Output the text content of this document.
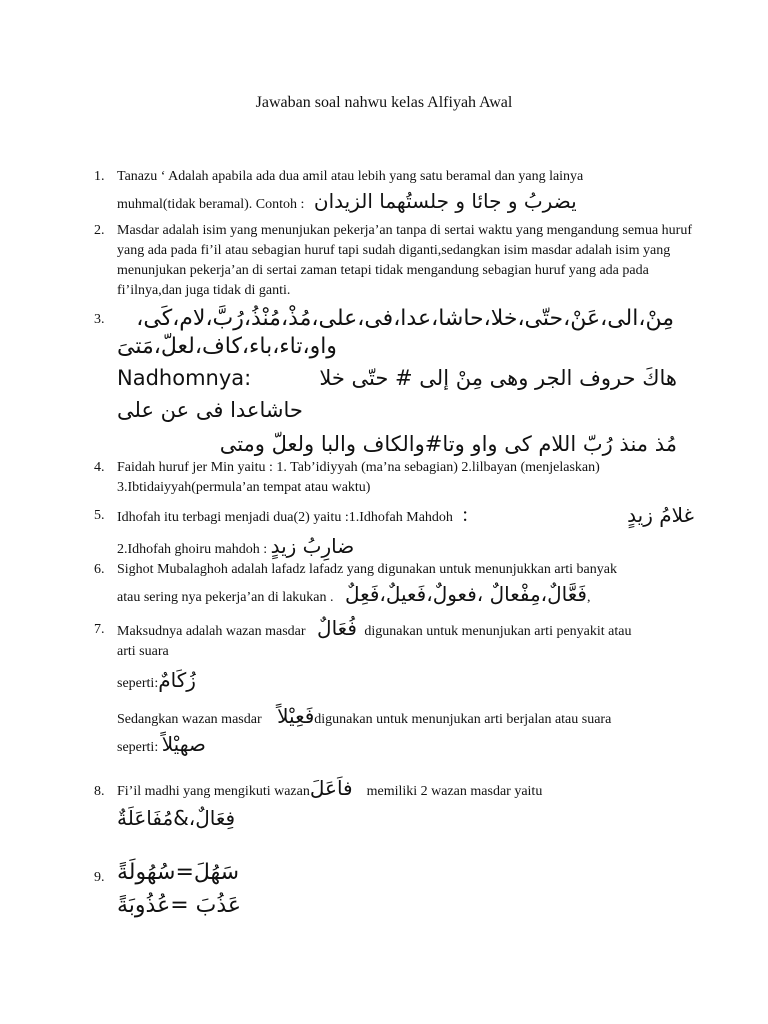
Jawaban soal nahwu kelas Alfiyah Awal
1. Tanazu ‘ Adalah apabila ada dua amil atau lebih yang satu beramal dan yang lainya
muhmal(tidak beramal). Contoh : يضربُ و جائا و جلستُهما الزيدان
2. Masdar adalah isim yang menunjukan pekerja’an tanpa di sertai waktu yang mengandung semua huruf yang ada pada fi’il atau sebagian huruf tapi sudah diganti,sedangkan isim masdar adalah isim yang menunjukan pekerja’an di sertai zaman tetapi tidak mengandung sebagian huruf yang ada pada fi’ilnya,dan juga tidak di ganti.
3.	مِنْ،الى،عَنْ،حتّى،خلا،حاشا،عدا،فى،على،مُذْ،مُنْذُ،رُبَّ،لام،كَى،
واو،تاء،باء،كاف،لعلّ،مَتىَ
Nadhomnya:	هاكَ حروف الجر وهى مِنْ إلى # حتّى خلا
حاشاعدا فى عن على
مُذ منذ رُبّ اللام كى واو وتا#والكاف والبا ولعلّ ومتى
4. Faidah huruf jer Min yaitu : 1. Tab’idiyyah (ma’na sebagian) 2.lilbayan (menjelaskan) 3.Ibtidaiyyah(permula’an tempat atau waktu)
5. Idhofah itu terbagi menjadi dua(2) yaitu :1.Idhofah Mahdoh :	غلامُ زيدٍ
2.Idhofah ghoiru mahdoh : ضارِبُ زيدٍ
6. Sighot Mubalaghoh adalah lafadz lafadz yang digunakan untuk menunjukkan arti banyak
atau sering nya pekerja’an di lakukan . فَعَّالٌ،مِفْعالٌ ،فعولٌ،فَعيلٌ،فَعِلٌ,
7. Maksudnya adalah wazan masdar فُعَالٌ digunakan untuk menunjukan arti penyakit atau
arti suara
seperti:زُكَامٌ
Sedangkan wazan masdar فَعِيْلاًdigunakan untuk menunjukan arti berjalan atau suara
seperti: صهيْلاً
8. Fi’il madhi yang mengikuti wazanفاَعَلَ memiliki 2 wazan masdar yaitu
فِعَالٌ،&مُفَاعَلَةٌ
9. سَهُلَ=سُهُولَةً
عَذُبَ =عُذُوبَةً
